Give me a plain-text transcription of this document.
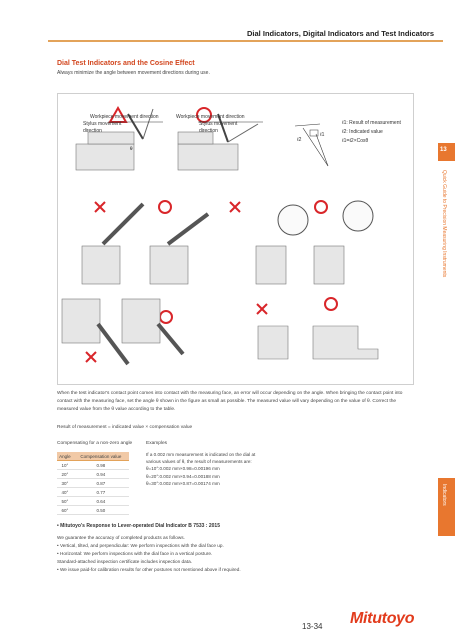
Dial Indicators, Digital Indicators and Test Indicators
Dial Test Indicators and the Cosine Effect
Always minimize the angle between movement directions during use.
13
Quick Guide to Precision Measuring Instruments
Indicators
θ
Workpiece movement direction
Stylus movement
direction
Workpiece movement direction
Stylus movement
direction
ℓ2
ℓ1
ℓ1: Result of measurement
ℓ2: Indicated value
ℓ1=ℓ2×Cosθ
When the test indicator's contact point comes into contact with the measuring face, an error will occur depending on the angle. When bringing the contact point into contact with the measuring face, set the angle θ shown in the figure as small as possible. The measured value will vary depending on the value of θ. Correct the measured value from the θ value according to the table.
Result of measurement = indicated value × compensation value
Compensating for a non-zero angle
Angle	Compensation value
10°	0.98
20°	0.94
30°	0.87
40°	0.77
50°	0.64
60°	0.50
Examples
If a 0.002 mm measurement is indicated on the dial at
various values of θ, the result of measurements are:
θ=10°:0.002 mm×0.98=0.00196 mm
θ=20°:0.002 mm×0.94=0.00188 mm
θ=30°:0.002 mm×0.87=0.00174 mm
• Mitutoyo's Response to Lever-operated Dial Indicator B 7533 : 2015
We guarantee the accuracy of completed products as follows.
• Vertical, tilted, and perpendicular: We perform inspections with the dial face up.
• Horizontal: We perform inspections with the dial face in a vertical posture.
Standard-attached inspection certificate includes inspection data.
• We issue paid-for calibration results for other postures not mentioned above if required.
13-34 Mitutoyo
